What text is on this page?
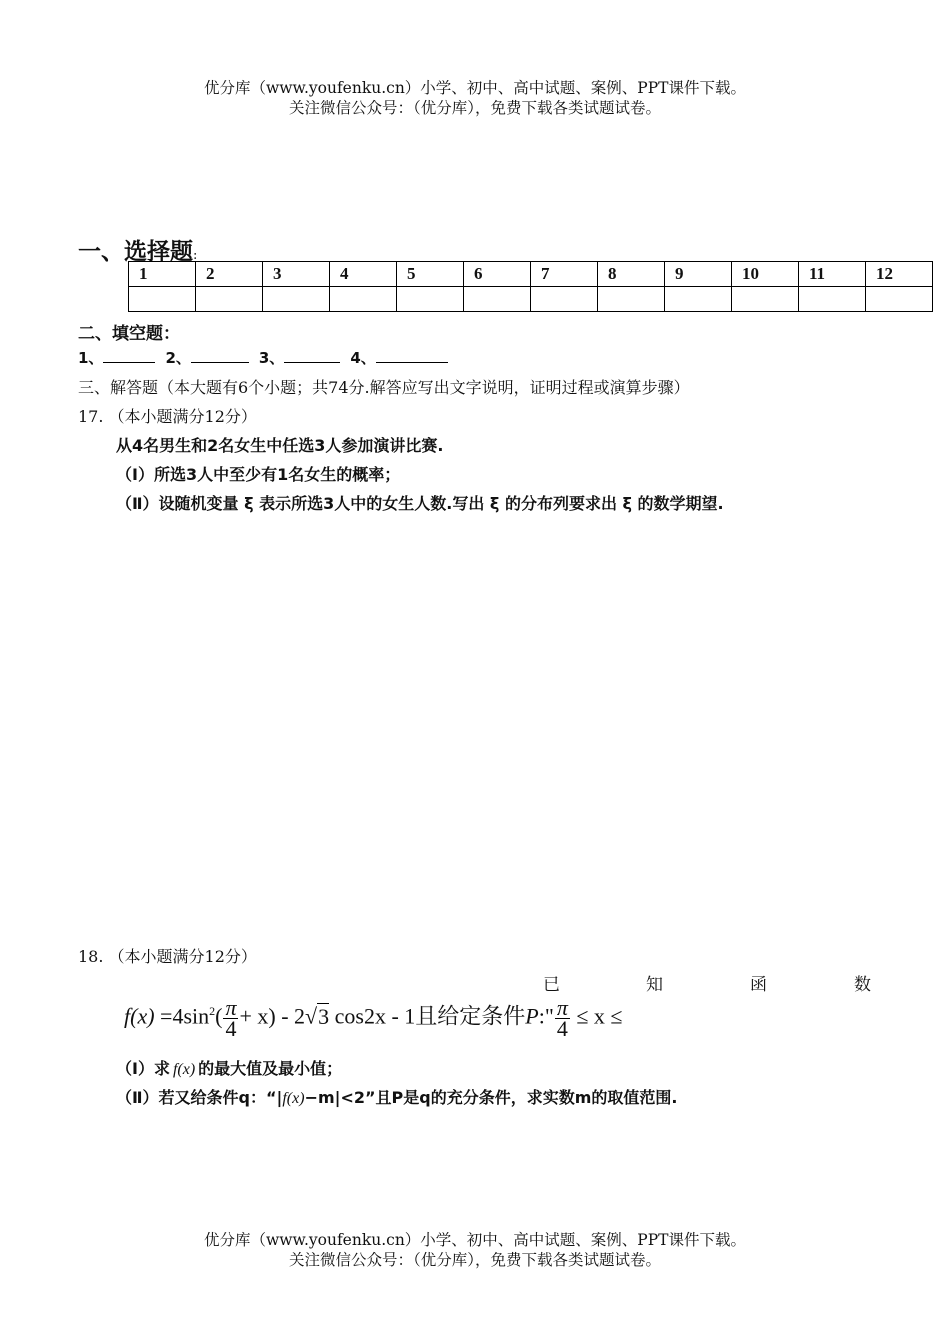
优分库（www.youfenku.cn）小学、初中、高中试题、案例、PPT课件下载。
关注微信公众号：（优分库），免费下载各类试题试卷。
一、选择题:
1	2	3	4	5	6	7	8	9	10	11	12

二、填空题：
1、	2、	3、	4、
三、解答题（本大题有6个小题；共74分.解答应写出文字说明，证明过程或演算步骤）
17. （本小题满分12分）
从4名男生和2名女生中任选3人参加演讲比赛.
（Ⅰ）所选3人中至少有1名女生的概率；
（Ⅱ）设随机变量 ξ 表示所选3人中的女生人数.写出 ξ 的分布列要求出 ξ 的数学期望.
18. （本小题满分12分）
已	知	函	数
$f(x) =4\sin^2( \frac{\pi}{4} + x) - 2√3$ cos2x - 1且给定条件P:" $\frac{\pi}{4} \le x$ ≤
（Ⅰ）求 f(x) 的最大值及最小值；
（Ⅱ）若又给条件q：“|f(x)−m|<2”且P是q的充分条件，求实数m的取值范围.
优分库（www.youfenku.cn）小学、初中、高中试题、案例、PPT课件下载。
关注微信公众号：（优分库），免费下载各类试题试卷。
